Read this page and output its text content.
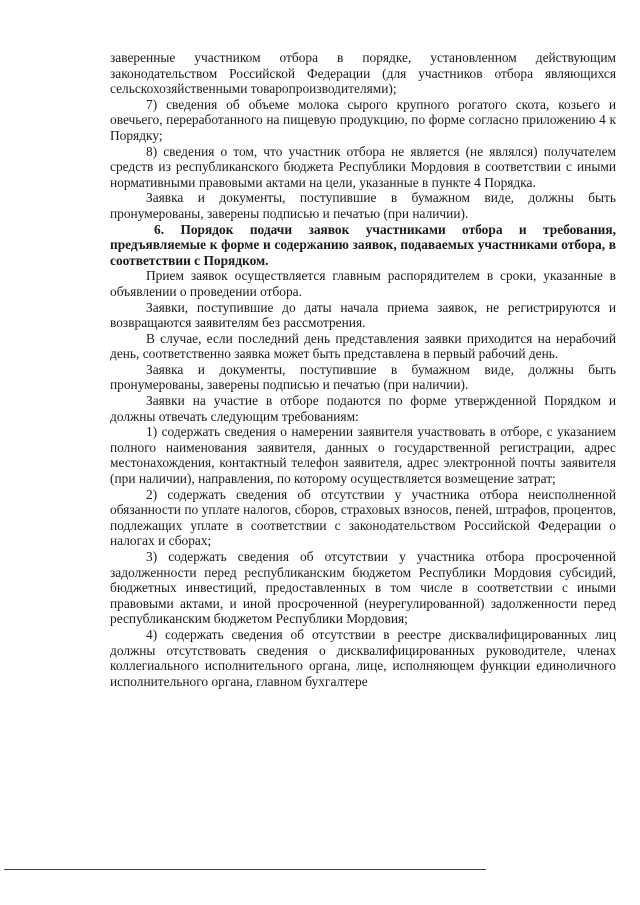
заверенные участником отбора в порядке, установленном действующим законодательством Российской Федерации (для участников отбора являющихся сельскохозяйственными товаропроизводителями);

7) сведения об объеме молока сырого крупного рогатого скота, козьего и овечьего, переработанного на пищевую продукцию, по форме согласно приложению 4 к Порядку;

8) сведения о том, что участник отбора не является (не являлся) получателем средств из республиканского бюджета Республики Мордовия в соответствии с иными нормативными правовыми актами на цели, указанные в пункте 4 Порядка.

Заявка и документы, поступившие в бумажном виде, должны быть пронумерованы, заверены подписью и печатью (при наличии).

6. Порядок подачи заявок участниками отбора и требования, предъявляемые к форме и содержанию заявок, подаваемых участниками отбора, в соответствии с Порядком.

Прием заявок осуществляется главным распорядителем в сроки, указанные в объявлении о проведении отбора.

Заявки, поступившие до даты начала приема заявок, не регистрируются и возвращаются заявителям без рассмотрения.

В случае, если последний день представления заявки приходится на нерабочий день, соответственно заявка может быть представлена в первый рабочий день.

Заявка и документы, поступившие в бумажном виде, должны быть пронумерованы, заверены подписью и печатью (при наличии).

Заявки на участие в отборе подаются по форме утвержденной Порядком и должны отвечать следующим требованиям:

1) содержать сведения о намерении заявителя участвовать в отборе, с указанием полного наименования заявителя, данных о государственной регистрации, адрес местонахождения, контактный телефон заявителя, адрес электронной почты заявителя (при наличии), направления, по которому осуществляется возмещение затрат;

2) содержать сведения об отсутствии у участника отбора неисполненной обязанности по уплате налогов, сборов, страховых взносов, пеней, штрафов, процентов, подлежащих уплате в соответствии с законодательством Российской Федерации о налогах и сборах;

3) содержать сведения об отсутствии у участника отбора просроченной задолженности перед республиканским бюджетом Республики Мордовия субсидий, бюджетных инвестиций, предоставленных в том числе в соответствии с иными правовыми актами, и иной просроченной (неурегулированной) задолженности перед республиканским бюджетом Республики Мордовия;

4) содержать сведения об отсутствии в реестре дисквалифицированных лиц должны отсутствовать сведения о дисквалифицированных руководителе, членах коллегиального исполнительного органа, лице, исполняющем функции единоличного исполнительного органа, главном бухгалтере
